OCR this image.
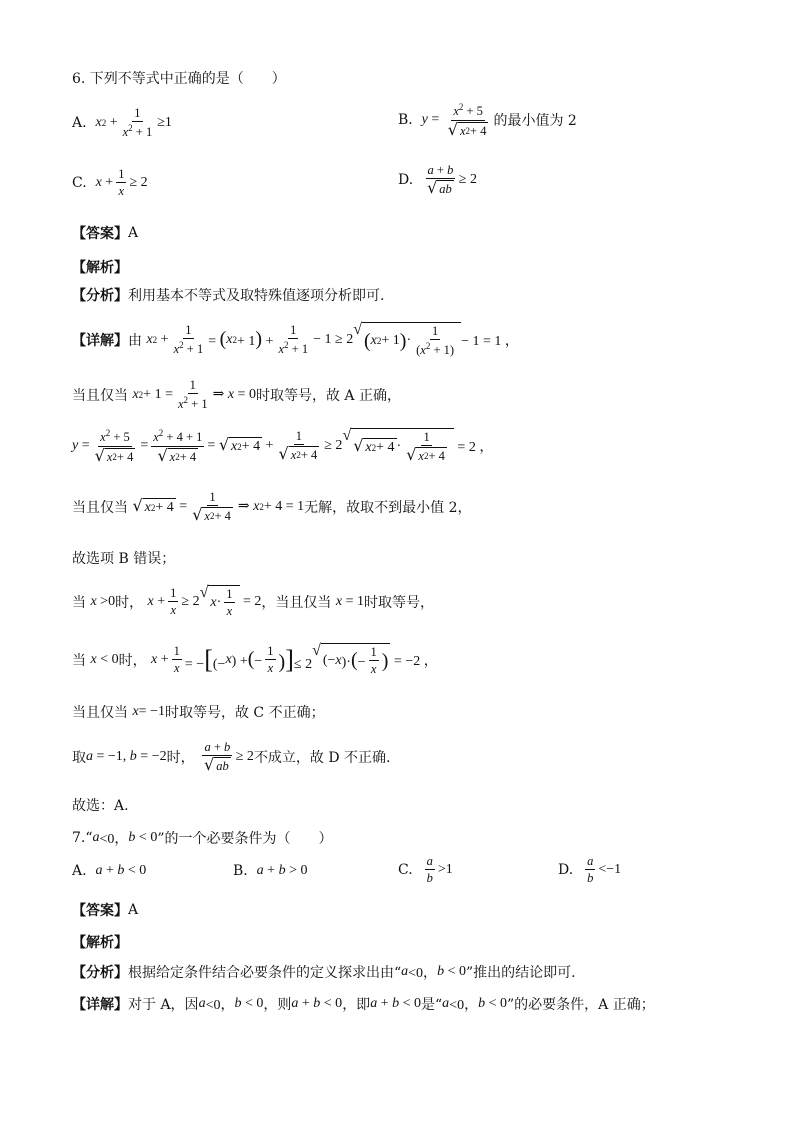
6. 下列不等式中正确的是（　　）
A.
x $2 + \frac{1}{x^2 + 1} \ge 1$	B.
$y = \frac{x^2 + 5}{√ x 2 + 4}$ 的最小值为 2
C.
$x + \frac{1}{x} \ge 2$	D.
$\frac{a + b}{√ ab} \ge 2$
【答案】 A
【解析】
【分析】 利用基本不等式及取特殊值逐项分析即可.
【详解】 由
x $2 + \frac{1}{x^2 + 1}$ = ( x $2 + 1) + \frac{1}{x^2 + 1} - 1 \ge 2$
√
( x 2 + 1 ) · $\frac{1}{(x^2 + 1)} - 1 = 1$ ，
当且仅当
x $2 + 1 = \frac{1}{x^2 + 1}$ ⇒ x = 0 时取等号，故 A 正确，
$y = \frac{x^2 + 5}{√ x 2 + 4} = \frac{x^2 + 4 + 1}{√ x 2 + 4}$ = √ x $2 + 4 + \frac{1}{√ x 2 + 4} \ge 2$
√
√ x $2 + 4 \cdot \frac{1}{√ x 2 + 4} = 2$ ，
当且仅当
√ x $2 + 4 = \frac{1}{√ x 2 + 4}$ ⇒ x 2 + 4 = 1 无解，故取不到最小值 2，
故选项 B 错误；
当
x >0 时，
$x + \frac{1}{x} \ge 2$
√
$x \cdot \frac{1}{x} = 2$ ，当且仅当
x = 1 时取等号，
当
x < 0 时，
$x + \frac{1}{x}$ = −[(− x ) +(− $\frac{1}{x}$ )]≤ 2
√
(− x )·(− $\frac{1}{x}$ ) = −2 ，
当且仅当
x = −1 时取等号，故 C 不正确；
取 a = −1, b = −2 时，
$\frac{a + b}{√ ab} \ge 2$ 不成立，故 D 不正确.
故选：A.
7.“ a <0， b < 0 ”的一个必要条件为（　　）
A.
a + b < 0	B.
a + b > 0	C.
$\frac{a}{b} >1$	D.
$\frac{a}{b} <-1$
【答案】 A
【解析】
【分析】 根据给定条件结合必要条件的定义探求出由“ a <0， b < 0 ”推出的结论即可.
【详解】 对于 A，因 a <0， b < 0 ，则 a + b < 0 ，即 a + b < 0 是“ a <0， b < 0 ”的必要条件，A 正确；
